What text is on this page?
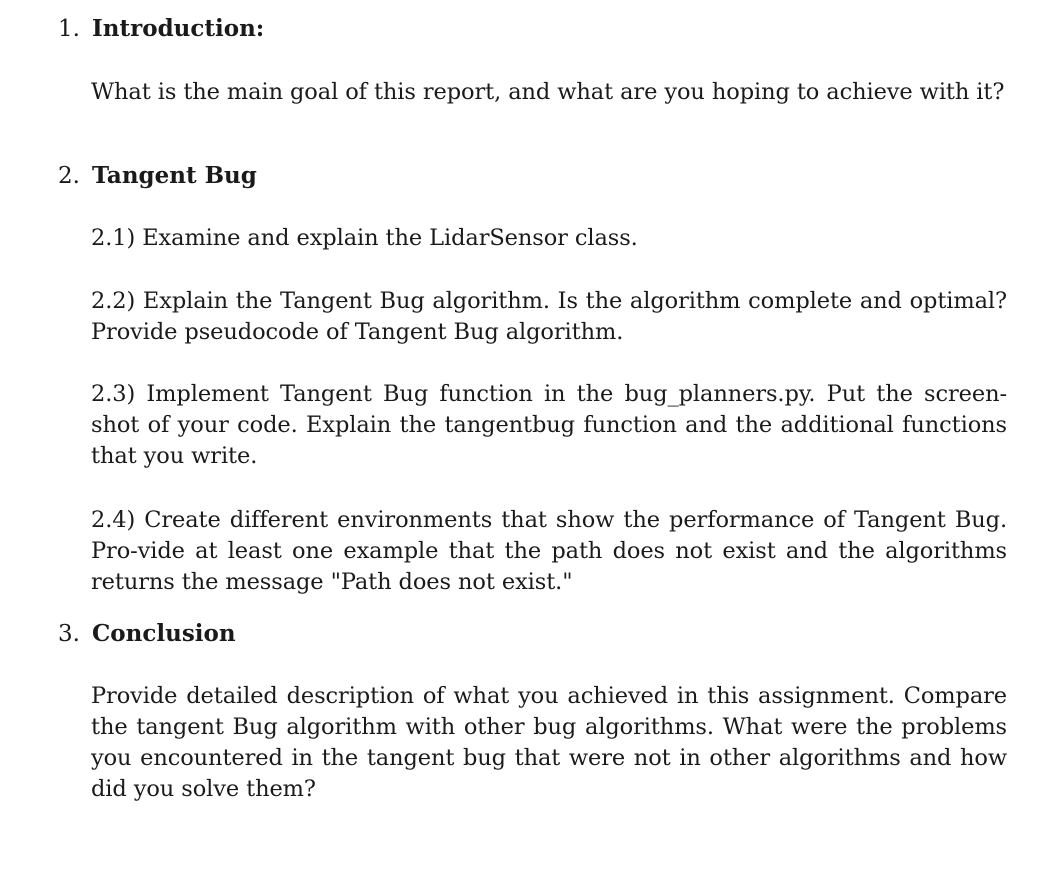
1. Introduction:
What is the main goal of this report, and what are you hoping to achieve with it?
2. Tangent Bug
2.1) Examine and explain the LidarSensor class.
2.2) Explain the Tangent Bug algorithm. Is the algorithm complete and optimal? Provide pseudocode of Tangent Bug algorithm.
2.3) Implement Tangent Bug function in the bug_planners.py. Put the screen-shot of your code. Explain the tangentbug function and the additional functions that you write.
2.4) Create different environments that show the performance of Tangent Bug. Pro-vide at least one example that the path does not exist and the algorithms returns the message "Path does not exist."
3. Conclusion
Provide detailed description of what you achieved in this assignment. Compare the tangent Bug algorithm with other bug algorithms. What were the problems you encountered in the tangent bug that were not in other algorithms and how did you solve them?
